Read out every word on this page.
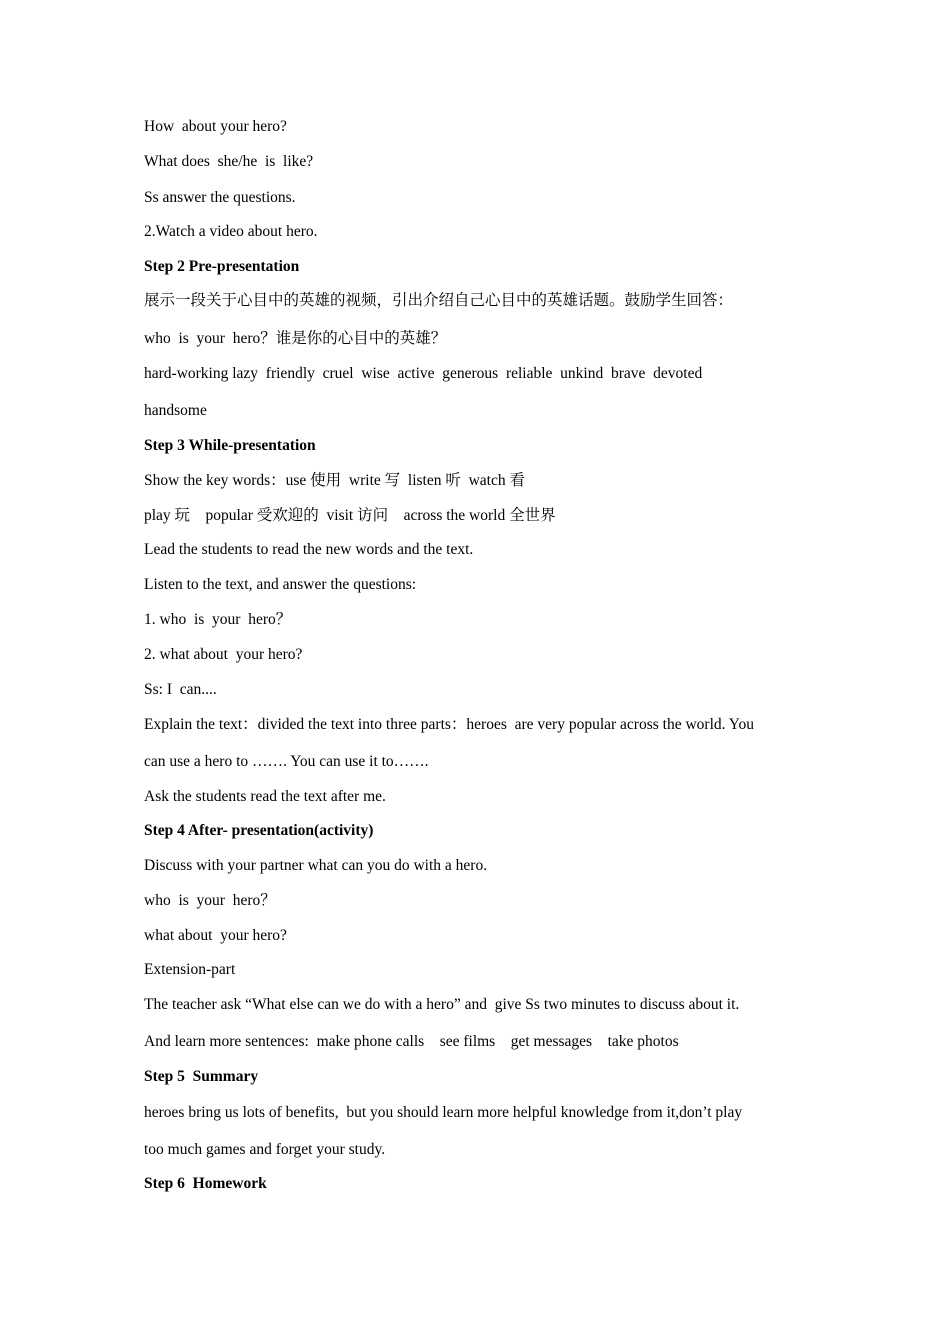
How  about your hero?
What does  she/he  is  like?
Ss answer the questions.
2.Watch a video about hero.
Step 2 Pre-presentation
展示一段关于心目中的英雄的视频，引出介绍自己心目中的英雄话题。鼓励学生回答：
who  is  your  hero？谁是你的心目中的英雄？
hard-working lazy  friendly  cruel  wise  active  generous  reliable  unkind  brave  devoted
handsome
Step 3 While-presentation
Show the key words：use 使用  write 写  listen 听  watch 看
play 玩    popular 受欢迎的  visit 访问    across the world 全世界
Lead the students to read the new words and the text.
Listen to the text, and answer the questions:
1. who  is  your  hero？
2. what about  your hero?
Ss: I  can....
Explain the text：divided the text into three parts：heroes  are very popular across the world. You
can use a hero to ……. You can use it to…….
Ask the students read the text after me.
Step 4 After- presentation(activity)
Discuss with your partner what can you do with a hero.
who  is  your  hero？
what about  your hero?
Extension-part
The teacher ask “What else can we do with a hero” and  give Ss two minutes to discuss about it.
And learn more sentences:  make phone calls    see films    get messages    take photos
Step 5  Summary
heroes bring us lots of benefits,  but you should learn more helpful knowledge from it,don’t play
too much games and forget your study.
Step 6  Homework
